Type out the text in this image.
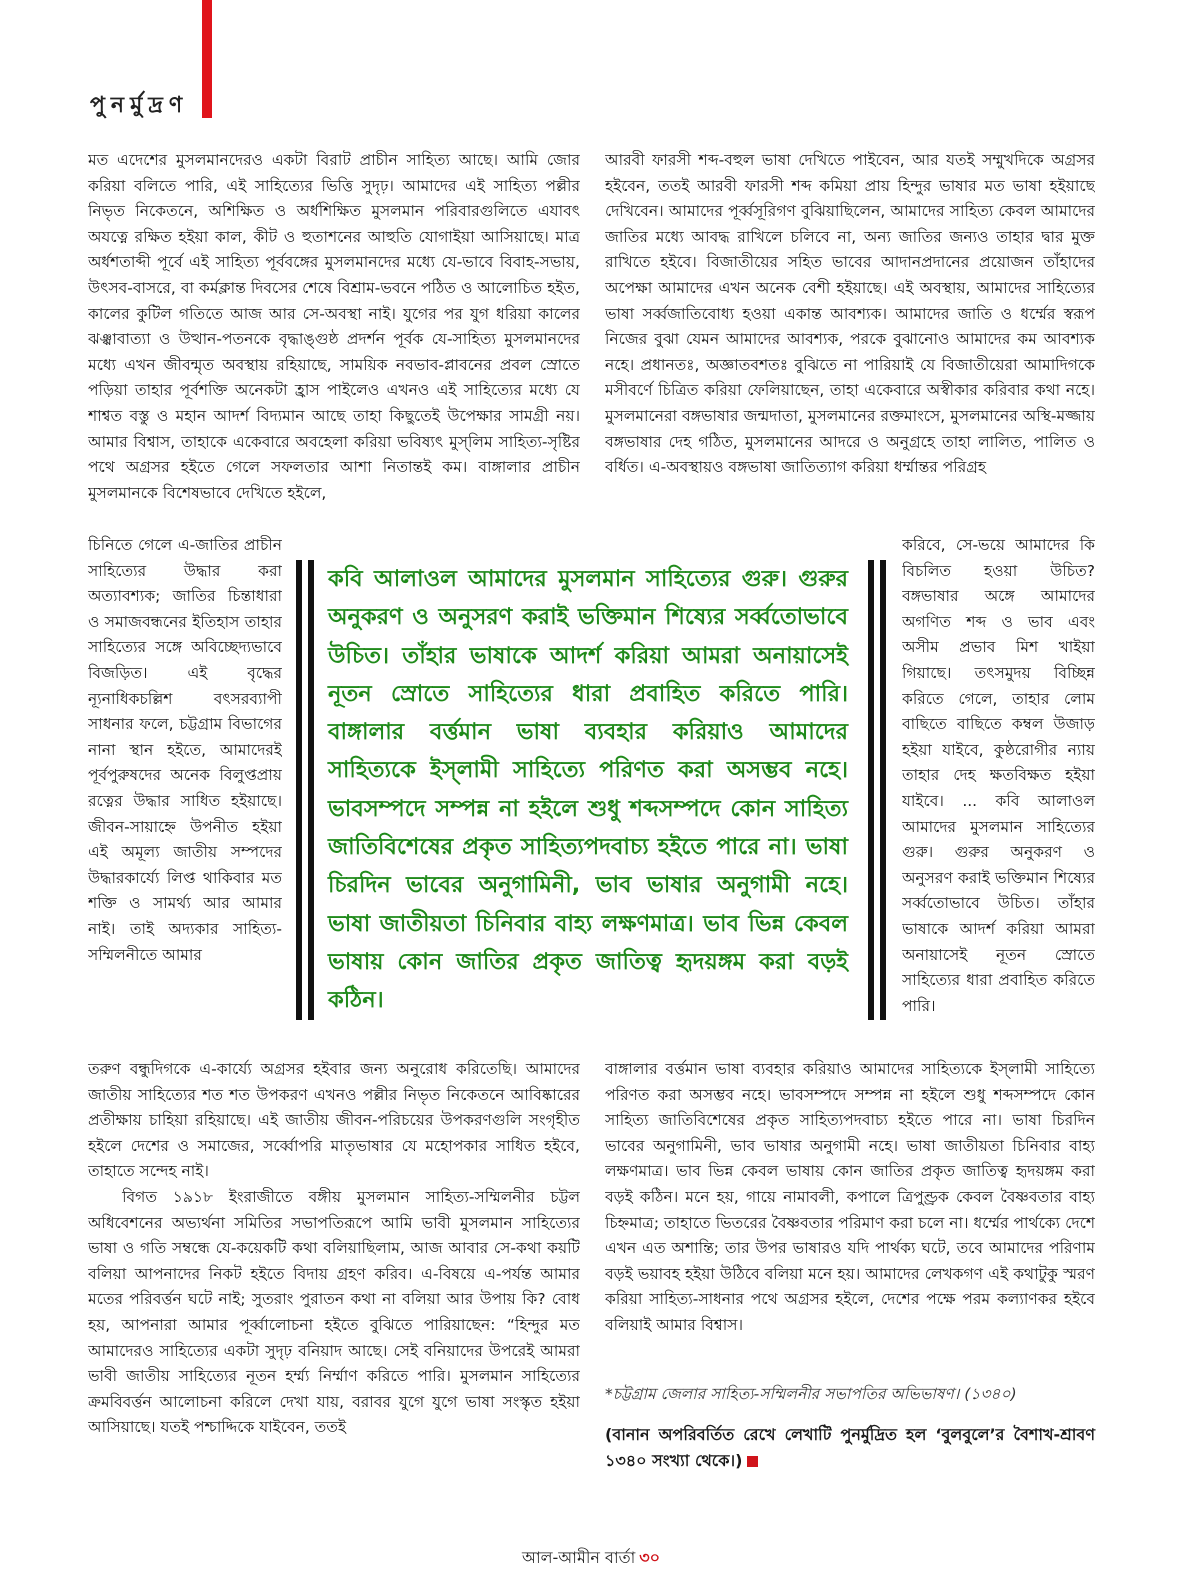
পুনর্মুদ্রণ

মত এদেশের মুসলমানদেরও একটা বিরাট প্রাচীন সাহিত্য আছে। আমি জোর করিয়া বলিতে পারি, এই সাহিত্যের ভিত্তি সুদৃঢ়। আমাদের এই সাহিত্য পল্লীর নিভৃত নিকেতনে, অশিক্ষিত ও অর্ধশিক্ষিত মুসলমান পরিবারগুলিতে এযাবৎ অযত্নে রক্ষিত হইয়া কাল, কীট ও হুতাশনের আহুতি যোগাইয়া আসিয়াছে। মাত্র অর্ধশতাব্দী পূর্বে এই সাহিত্য পূর্ববঙ্গের মুসলমানদের মধ্যে যে-ভাবে বিবাহ-সভায়, উৎসব-বাসরে, বা কর্মক্লান্ত দিবসের শেষে বিশ্রাম-ভবনে পঠিত ও আলোচিত হইত, কালের কুটিল গতিতে আজ আর সে-অবস্থা নাই। যুগের পর যুগ ধরিয়া কালের ঝঞ্ঝাবাত্যা ও উত্থান-পতনকে বৃদ্ধাঙ্গুষ্ঠ প্রদর্শন পূর্বক যে-সাহিত্য মুসলমানদের মধ্যে এখন জীবন্মৃত অবস্থায় রহিয়াছে, সাময়িক নবভাব-প্লাবনের প্রবল স্রোতে পড়িয়া তাহার পূর্বশক্তি অনেকটা হ্রাস পাইলেও এখনও এই সাহিত্যের মধ্যে যে শাশ্বত বস্তু ও মহান আদর্শ বিদ্যমান আছে তাহা কিছুতেই উপেক্ষার সামগ্রী নয়। আমার বিশ্বাস, তাহাকে একেবারে অবহেলা করিয়া ভবিষ্যৎ মুস্‌লিম সাহিত্য-সৃষ্টির পথে অগ্রসর হইতে গেলে সফলতার আশা নিতান্তই কম। বাঙ্গালার প্রাচীন মুসলমানকে বিশেষভাবে দেখিতে হইলে,

চিনিতে গেলে এ-জাতির প্রাচীন সাহিত্যের উদ্ধার করা অত্যাবশ্যক; জাতির চিন্তাধারা ও সমাজবন্ধনের ইতিহাস তাহার সাহিত্যের সঙ্গে অবিচ্ছেদ্যভাবে বিজড়িত। এই বৃদ্ধের ন্যূনাধিকচল্লিশ বৎসরব্যাপী সাধনার ফলে, চট্টগ্রাম বিভাগের নানা স্থান হইতে, আমাদেরই পূর্বপুরুষদের অনেক বিলুপ্তপ্রায় রত্নের উদ্ধার সাধিত হইয়াছে। জীবন-সায়াহ্নে উপনীত হইয়া এই অমূল্য জাতীয় সম্পদের উদ্ধারকার্য্যে লিপ্ত থাকিবার মত শক্তি ও সামর্থ্য আর আমার নাই। তাই অদ্যকার সাহিত্য-সম্মিলনীতে আমার

তরুণ বন্ধুদিগকে এ-কার্য্যে অগ্রসর হইবার জন্য অনুরোধ করিতেছি। আমাদের জাতীয় সাহিত্যের শত শত উপকরণ এখনও পল্লীর নিভৃত নিকেতনে আবিষ্কারের প্রতীক্ষায় চাহিয়া রহিয়াছে। এই জাতীয় জীবন-পরিচয়ের উপকরণগুলি সংগৃহীত হইলে দেশের ও সমাজের, সর্ব্বোপরি মাতৃভাষার যে মহোপকার সাধিত হইবে, তাহাতে সন্দেহ নাই।

বিগত ১৯১৮ ইংরাজীতে বঙ্গীয় মুসলমান সাহিত্য-সম্মিলনীর চট্টল অধিবেশনের অভ্যর্থনা সমিতির সভাপতিরূপে আমি ভাবী মুসলমান সাহিত্যের ভাষা ও গতি সম্বন্ধে যে-কয়েকটি কথা বলিয়াছিলাম, আজ আবার সে-কথা কয়টি বলিয়া আপনাদের নিকট হইতে বিদায় গ্রহণ করিব। এ-বিষয়ে এ-পর্যন্ত আমার মতের পরিবর্ত্তন ঘটে নাই; সুতরাং পুরাতন কথা না বলিয়া আর উপায় কি? বোধ হয়, আপনারা আমার পূর্ব্বালোচনা হইতে বুঝিতে পারিয়াছেন: “হিন্দুর মত আমাদেরও সাহিত্যের একটা সুদৃঢ় বনিয়াদ আছে। সেই বনিয়াদের উপরেই আমরা ভাবী জাতীয় সাহিত্যের নূতন হর্ম্ম্য নির্ম্মাণ করিতে পারি। মুসলমান সাহিত্যের ক্রমবিবর্ত্তন আলোচনা করিলে দেখা যায়, বরাবর যুগে যুগে ভাষা সংস্কৃত হইয়া আসিয়াছে। যতই পশ্চাদ্দিকে যাইবেন, ততই

আরবী ফারসী শব্দ-বহুল ভাষা দেখিতে পাইবেন, আর যতই সম্মুখদিকে অগ্রসর হইবেন, ততই আরবী ফারসী শব্দ কমিয়া প্রায় হিন্দুর ভাষার মত ভাষা হইয়াছে দেখিবেন। আমাদের পূর্ব্বসূরিগণ বুঝিয়াছিলেন, আমাদের সাহিত্য কেবল আমাদের জাতির মধ্যে আবদ্ধ রাখিলে চলিবে না, অন্য জাতির জন্যও তাহার দ্বার মুক্ত রাখিতে হইবে। বিজাতীয়ের সহিত ভাবের আদানপ্রদানের প্রয়োজন তাঁহাদের অপেক্ষা আমাদের এখন অনেক বেশী হইয়াছে। এই অবস্থায়, আমাদের সাহিত্যের ভাষা সর্ব্বজাতিবোধ্য হওয়া একান্ত আবশ্যক। আমাদের জাতি ও ধর্ম্মের স্বরূপ নিজের বুঝা যেমন আমাদের আবশ্যক, পরকে বুঝানোও আমাদের কম আবশ্যক নহে। প্রধানতঃ, অজ্ঞাতবশতঃ বুঝিতে না পারিয়াই যে বিজাতীয়েরা আমাদিগকে মসীবর্ণে চিত্রিত করিয়া ফেলিয়াছেন, তাহা একেবারে অস্বীকার করিবার কথা নহে। মুসলমানেরা বঙ্গভাষার জন্মদাতা, মুসলমানের রক্তমাংসে, মুসলমানের অস্থি-মজ্জায় বঙ্গভাষার দেহ গঠিত, মুসলমানের আদরে ও অনুগ্রহে তাহা লালিত, পালিত ও বর্ধিত। এ-অবস্থায়ও বঙ্গভাষা জাতিত্যাগ করিয়া ধর্ম্মান্তর পরিগ্রহ

করিবে, সে-ভয়ে আমাদের কি বিচলিত হওয়া উচিত? বঙ্গভাষার অঙ্গে আমাদের অগণিত শব্দ ও ভাব এবং অসীম প্রভাব মিশ খাইয়া গিয়াছে। তৎসমুদয় বিচ্ছিন্ন করিতে গেলে, তাহার লোম বাছিতে বাছিতে কম্বল উজাড় হইয়া যাইবে, কুষ্ঠরোগীর ন্যায় তাহার দেহ ক্ষতবিক্ষত হইয়া যাইবে। ... কবি আলাওল আমাদের মুসলমান সাহিত্যের গুরু। গুরুর অনুকরণ ও অনুসরণ করাই ভক্তিমান শিষ্যের সর্ব্বতোভাবে উচিত। তাঁহার ভাষাকে আদর্শ করিয়া আমরা অনায়াসেই নূতন স্রোতে সাহিত্যের ধারা প্রবাহিত করিতে পারি।

বাঙ্গালার বর্ত্তমান ভাষা ব্যবহার করিয়াও আমাদের সাহিত্যকে ইস্‌লামী সাহিত্যে পরিণত করা অসম্ভব নহে। ভাবসম্পদে সম্পন্ন না হইলে শুধু শব্দসম্পদে কোন সাহিত্য জাতিবিশেষের প্রকৃত সাহিত্যপদবাচ্য হইতে পারে না। ভাষা চিরদিন ভাবের অনুগামিনী, ভাব ভাষার অনুগামী নহে। ভাষা জাতীয়তা চিনিবার বাহ্য লক্ষণমাত্র। ভাব ভিন্ন কেবল ভাষায় কোন জাতির প্রকৃত জাতিত্ব হৃদয়ঙ্গম করা বড়ই কঠিন। মনে হয়, গায়ে নামাবলী, কপালে ত্রিপুণ্ড্রক কেবল বৈষ্ণবতার বাহ্য চিহ্নমাত্র; তাহাতে ভিতরের বৈষ্ণবতার পরিমাণ করা চলে না। ধর্ম্মের পার্থক্যে দেশে এখন এত অশান্তি; তার উপর ভাষারও যদি পার্থক্য ঘটে, তবে আমাদের পরিণাম বড়ই ভয়াবহ হইয়া উঠিবে বলিয়া মনে হয়। আমাদের লেখকগণ এই কথাটুকু স্মরণ করিয়া সাহিত্য-সাধনার পথে অগ্রসর হইলে, দেশের পক্ষে পরম কল্যাণকর হইবে বলিয়াই আমার বিশ্বাস।

কবি আলাওল আমাদের মুসলমান সাহিত্যের গুরু। গুরুর অনুকরণ ও অনুসরণ করাই ভক্তিমান শিষ্যের সর্ব্বতোভাবে উচিত। তাঁহার ভাষাকে আদর্শ করিয়া আমরা অনায়াসেই নূতন স্রোতে সাহিত্যের ধারা প্রবাহিত করিতে পারি। বাঙ্গালার বর্ত্তমান ভাষা ব্যবহার করিয়াও আমাদের সাহিত্যকে ইস্‌লামী সাহিত্যে পরিণত করা অসম্ভব নহে। ভাবসম্পদে সম্পন্ন না হইলে শুধু শব্দসম্পদে কোন সাহিত্য জাতিবিশেষের প্রকৃত সাহিত্যপদবাচ্য হইতে পারে না। ভাষা চিরদিন ভাবের অনুগামিনী, ভাব ভাষার অনুগামী নহে। ভাষা জাতীয়তা চিনিবার বাহ্য লক্ষণমাত্র। ভাব ভিন্ন কেবল ভাষায় কোন জাতির প্রকৃত জাতিত্ব হৃদয়ঙ্গম করা বড়ই কঠিন।
*চট্টগ্রাম জেলার সাহিত্য-সম্মিলনীর সভাপতির অভিভাষণ। (১৩৪০)
(বানান অপরিবর্তিত রেখে লেখাটি পুনর্মুদ্রিত হল ‘বুলবুলে’র বৈশাখ-শ্রাবণ ১৩৪০ সংখ্যা থেকে।)
আল-আমীন বার্তা ৩০
